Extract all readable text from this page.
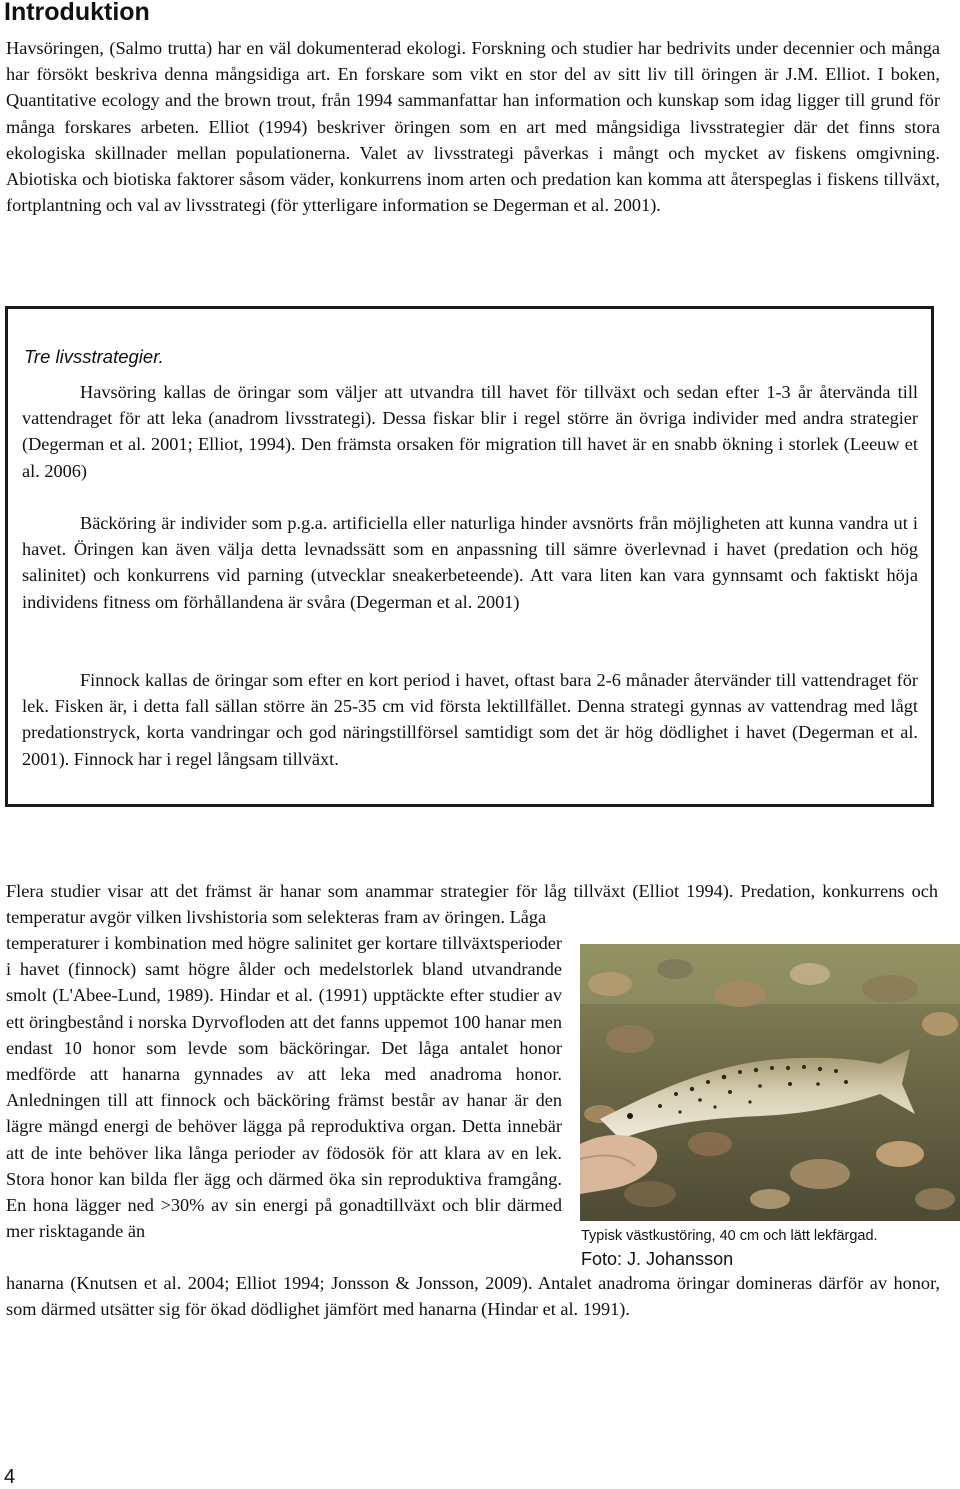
Introduktion

Havsöringen, (Salmo trutta) har en väl dokumenterad ekologi. Forskning och studier har bedrivits under decennier och många har försökt beskriva denna mångsidiga art. En forskare som vikt en stor del av sitt liv till öringen är J.M. Elliot. I boken, Quantitative ecology and the brown trout, från 1994 sammanfattar han information och kunskap som idag ligger till grund för många forskares arbeten. Elliot (1994) beskriver öringen som en art med mångsidiga livsstrategier där det finns stora ekologiska skillnader mellan populationerna. Valet av livsstrategi påverkas i mångt och mycket av fiskens omgivning. Abiotiska och biotiska faktorer såsom väder, konkurrens inom arten och predation kan komma att återspeglas i fiskens tillväxt, fortplantning och val av livsstrategi (för ytterligare information se Degerman et al. 2001).

Tre livsstrategier.

Havsöring kallas de öringar som väljer att utvandra till havet för tillväxt och sedan efter 1-3 år återvända till vattendraget för att leka (anadrom livsstrategi). Dessa fiskar blir i regel större än övriga individer med andra strategier (Degerman et al. 2001; Elliot, 1994). Den främsta orsaken för migration till havet är en snabb ökning i storlek (Leeuw et al. 2006)

Bäcköring är individer som p.g.a. artificiella eller naturliga hinder avsnörts från möjligheten att kunna vandra ut i havet. Öringen kan även välja detta levnadssätt som en anpassning till sämre överlevnad i havet (predation och hög salinitet) och konkurrens vid parning (utvecklar sneakerbeteende). Att vara liten kan vara gynnsamt och faktiskt höja individens fitness om förhållandena är svåra (Degerman et al. 2001)

Finnock kallas de öringar som efter en kort period i havet, oftast bara 2-6 månader återvänder till vattendraget för lek. Fisken är, i detta fall sällan större än 25-35 cm vid första lektillfället. Denna strategi gynnas av vattendrag med lågt predationstryck, korta vandringar och god näringstillförsel samtidigt som det är hög dödlighet i havet (Degerman et al. 2001). Finnock har i regel långsam tillväxt.

Flera studier visar att det främst är hanar som anammar strategier för låg tillväxt (Elliot 1994). Predation, konkurrens och temperatur avgör vilken livshistoria som selekteras fram av öringen. Låga

temperaturer i kombination med högre salinitet ger kortare tillväxtsperioder i havet (finnock) samt högre ålder och medelstorlek bland utvandrande smolt (L'Abee-Lund, 1989). Hindar et al. (1991) upptäckte efter studier av ett öringbestånd i norska Dyrvofloden att det fanns uppemot 100 hanar men endast 10 honor som levde som bäcköringar. Det låga antalet honor medförde att hanarna gynnades av att leka med anadroma honor. Anledningen till att finnock och bäcköring främst består av hanar är den lägre mängd energi de behöver lägga på reproduktiva organ. Detta innebär att de inte behöver lika långa perioder av födosök för att klara av en lek. Stora honor kan bilda fler ägg och därmed öka sin reproduktiva framgång. En hona lägger ned >30% av sin energi på gonadtillväxt och blir därmed mer risktagande än	Typisk västkustöring, 40 cm och lätt lekfärgad.

Foto: J. Johansson

hanarna (Knutsen et al. 2004; Elliot 1994; Jonsson & Jonsson, 2009). Antalet anadroma öringar domineras därför av honor, som därmed utsätter sig för ökad dödlighet jämfört med hanarna (Hindar et al. 1991).

4
